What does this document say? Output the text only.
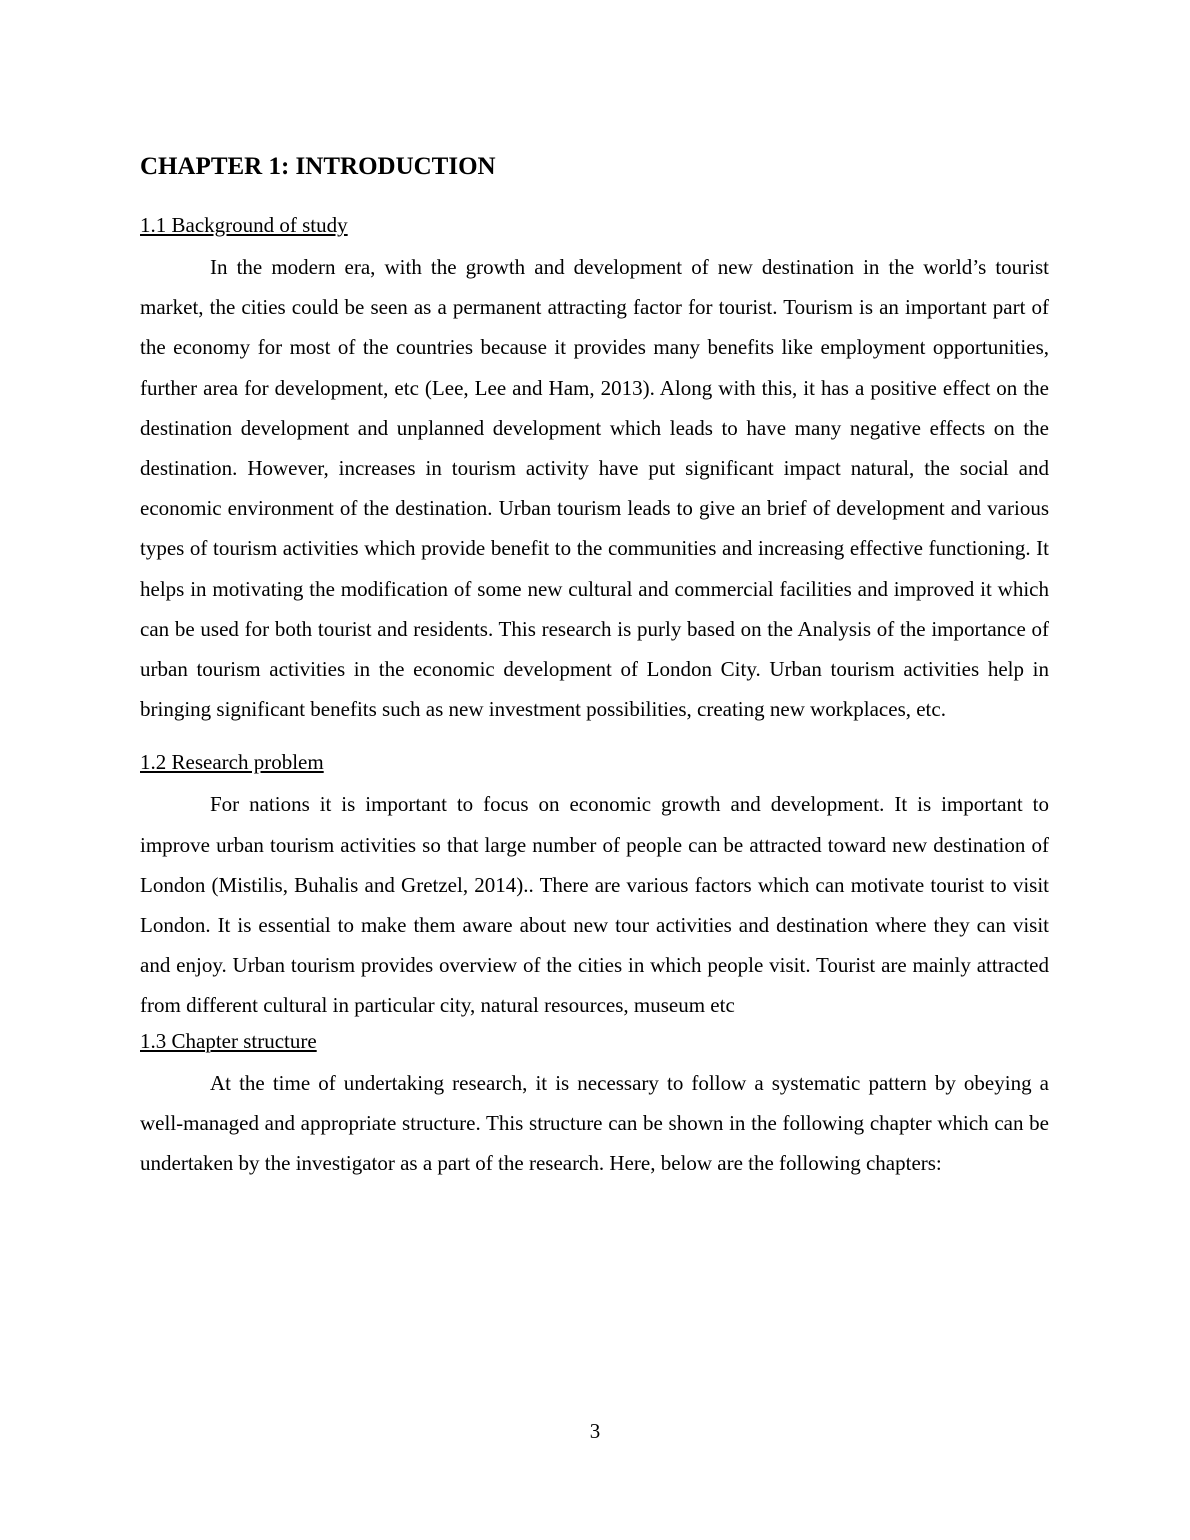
CHAPTER 1: INTRODUCTION
1.1 Background of study

In the modern era, with the growth and development of new destination in the world’s tourist market, the cities could be seen as a permanent attracting factor for tourist. Tourism is an important part of the economy for most of the countries because it provides many benefits like employment opportunities, further area for development, etc (Lee, Lee and Ham, 2013). Along with this, it has a positive effect on the destination development and unplanned development which leads to have many negative effects on the destination. However, increases in tourism activity have put significant impact natural, the social and economic environment of the destination. Urban tourism leads to give an brief of development and various types of tourism activities which provide benefit to the communities and increasing effective functioning. It helps in motivating the modification of some new cultural and commercial facilities and improved it which can be used for both tourist and residents. This research is purly based on the Analysis of the importance of urban tourism activities in the economic development of London City. Urban tourism activities help in bringing significant benefits such as new investment possibilities, creating new workplaces, etc.

1.2 Research problem

For nations it is important to focus on economic growth and development. It is important to improve urban tourism activities so that large number of people can be attracted toward new destination of London (Mistilis, Buhalis and Gretzel, 2014).. There are various factors which can motivate tourist to visit London. It is essential to make them aware about new tour activities and destination where they can visit and enjoy. Urban tourism provides overview of the cities in which people visit. Tourist are mainly attracted from different cultural in particular city, natural resources, museum etc

1.3 Chapter structure

At the time of undertaking research, it is necessary to follow a systematic pattern by obeying a well-managed and appropriate structure. This structure can be shown in the following chapter which can be undertaken by the investigator as a part of the research. Here, below are the following chapters:

3
